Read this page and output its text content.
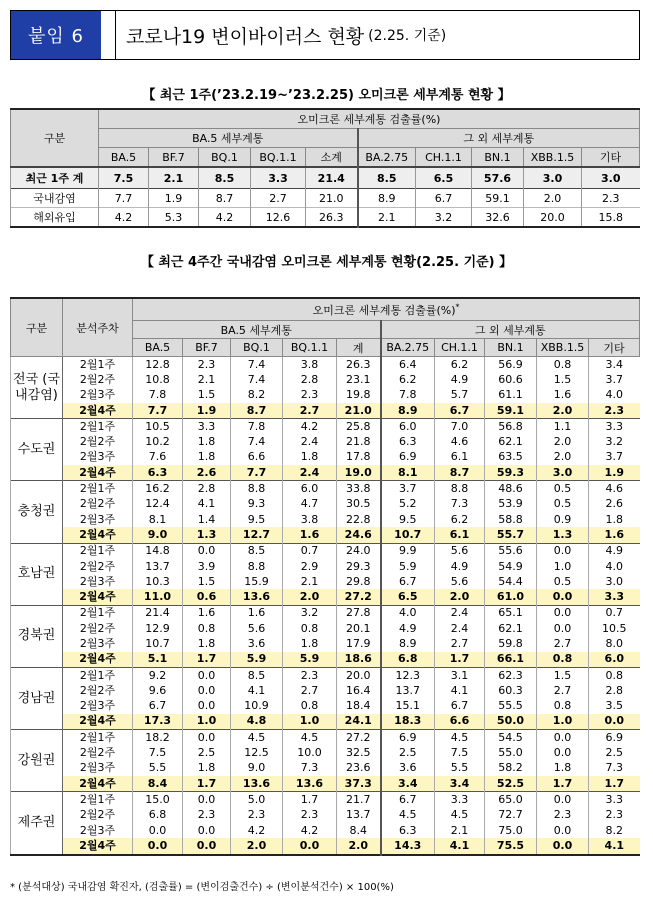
붙임 6	코로나19 변이바이러스 현황 (2.25. 기준)
【 최근 1주(’23.2.19~’23.2.25) 오미크론 세부계통 현황 】
구분	오미크론 세부계통 검출률(%)									
	BA.5 세부계통					그 외 세부계통				
	BA.5	BF.7	BQ.1	BQ.1.1	소계	BA.2.75	CH.1.1	BN.1	XBB.1.5	기타
최근 1주 계	7.5	2.1	8.5	3.3	21.4	8.5	6.5	57.6	3.0	3.0
국내감염	7.7	1.9	8.7	2.7	21.0	8.9	6.7	59.1	2.0	2.3
해외유입	4.2	5.3	4.2	12.6	26.3	2.1	3.2	32.6	20.0	15.8
【 최근 4주간 국내감염 오미크론 세부계통 현황(2.25. 기준) 】
구분	분석주차	오미크론 세부계통 검출률(%)*
		BA.5 세부계통					그 외 세부계통				
		BA.5	BF.7	BQ.1	BQ.1.1	계	BA.2.75	CH.1.1	BN.1	XBB.1.5	기타
전국 (국내감염)	2월1주	12.8	2.3	7.4	3.8	26.3	6.4	6.2	56.9	0.8	3.4
	2월2주	10.8	2.1	7.4	2.8	23.1	6.2	4.9	60.6	1.5	3.7
	2월3주	7.8	1.5	8.2	2.3	19.8	7.8	5.7	61.1	1.6	4.0
	2월4주	7.7	1.9	8.7	2.7	21.0	8.9	6.7	59.1	2.0	2.3
수도권	2월1주	10.5	3.3	7.8	4.2	25.8	6.0	7.0	56.8	1.1	3.3
	2월2주	10.2	1.8	7.4	2.4	21.8	6.3	4.6	62.1	2.0	3.2
	2월3주	7.6	1.8	6.6	1.8	17.8	6.9	6.1	63.5	2.0	3.7
	2월4주	6.3	2.6	7.7	2.4	19.0	8.1	8.7	59.3	3.0	1.9
충청권	2월1주	16.2	2.8	8.8	6.0	33.8	3.7	8.8	48.6	0.5	4.6
	2월2주	12.4	4.1	9.3	4.7	30.5	5.2	7.3	53.9	0.5	2.6
	2월3주	8.1	1.4	9.5	3.8	22.8	9.5	6.2	58.8	0.9	1.8
	2월4주	9.0	1.3	12.7	1.6	24.6	10.7	6.1	55.7	1.3	1.6
호남권	2월1주	14.8	0.0	8.5	0.7	24.0	9.9	5.6	55.6	0.0	4.9
	2월2주	13.7	3.9	8.8	2.9	29.3	5.9	4.9	54.9	1.0	4.0
	2월3주	10.3	1.5	15.9	2.1	29.8	6.7	5.6	54.4	0.5	3.0
	2월4주	11.0	0.6	13.6	2.0	27.2	6.5	2.0	61.0	0.0	3.3
경북권	2월1주	21.4	1.6	1.6	3.2	27.8	4.0	2.4	65.1	0.0	0.7
	2월2주	12.9	0.8	5.6	0.8	20.1	4.9	2.4	62.1	0.0	10.5
	2월3주	10.7	1.8	3.6	1.8	17.9	8.9	2.7	59.8	2.7	8.0
	2월4주	5.1	1.7	5.9	5.9	18.6	6.8	1.7	66.1	0.8	6.0
경남권	2월1주	9.2	0.0	8.5	2.3	20.0	12.3	3.1	62.3	1.5	0.8
	2월2주	9.6	0.0	4.1	2.7	16.4	13.7	4.1	60.3	2.7	2.8
	2월3주	6.7	0.0	10.9	0.8	18.4	15.1	6.7	55.5	0.8	3.5
	2월4주	17.3	1.0	4.8	1.0	24.1	18.3	6.6	50.0	1.0	0.0
강원권	2월1주	18.2	0.0	4.5	4.5	27.2	6.9	4.5	54.5	0.0	6.9
	2월2주	7.5	2.5	12.5	10.0	32.5	2.5	7.5	55.0	0.0	2.5
	2월3주	5.5	1.8	9.0	7.3	23.6	3.6	5.5	58.2	1.8	7.3
	2월4주	8.4	1.7	13.6	13.6	37.3	3.4	3.4	52.5	1.7	1.7
제주권	2월1주	15.0	0.0	5.0	1.7	21.7	6.7	3.3	65.0	0.0	3.3
	2월2주	6.8	2.3	2.3	2.3	13.7	4.5	4.5	72.7	2.3	2.3
	2월3주	0.0	0.0	4.2	4.2	8.4	6.3	2.1	75.0	0.0	8.2
	2월4주	0.0	0.0	2.0	0.0	2.0	14.3	4.1	75.5	0.0	4.1
* (분석대상) 국내감염 확진자, (검출률) = (변이검출건수) ÷ (변이분석건수) × 100(%)
